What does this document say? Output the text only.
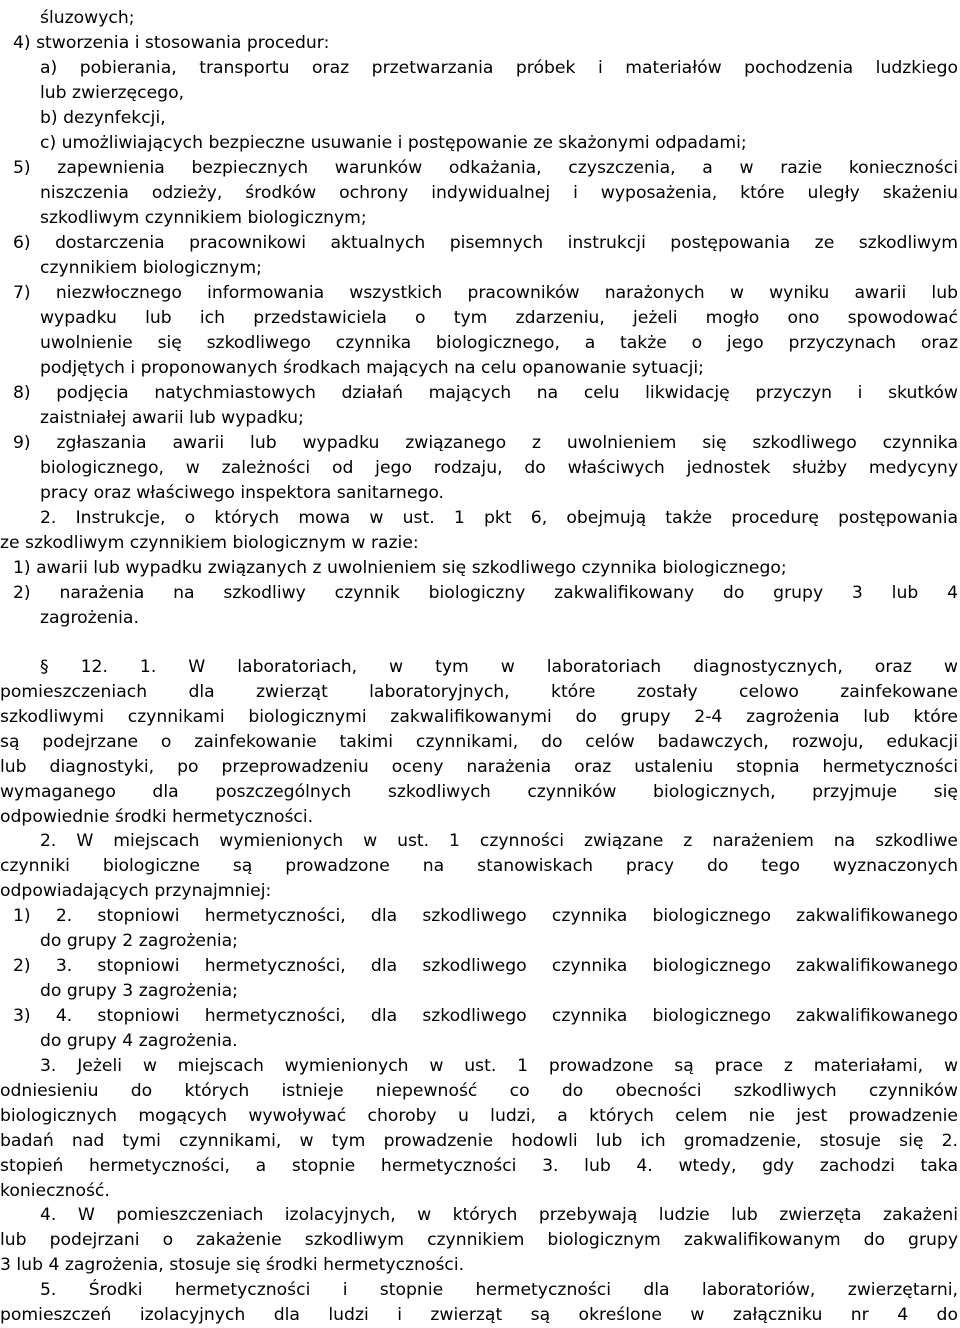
śluzowych;
4) stworzenia i stosowania procedur:
a) pobierania, transportu oraz przetwarzania próbek i materiałów pochodzenia ludzkiego
lub zwierzęcego,
b) dezynfekcji,
c) umożliwiających bezpieczne usuwanie i postępowanie ze skażonymi odpadami;
5) zapewnienia bezpiecznych warunków odkażania, czyszczenia, a w razie konieczności
niszczenia odzieży, środków ochrony indywidualnej i wyposażenia, które uległy skażeniu
szkodliwym czynnikiem biologicznym;
6) dostarczenia pracownikowi aktualnych pisemnych instrukcji postępowania ze szkodliwym
czynnikiem biologicznym;
7) niezwłocznego informowania wszystkich pracowników narażonych w wyniku awarii lub
wypadku lub ich przedstawiciela o tym zdarzeniu, jeżeli mogło ono spowodować
uwolnienie się szkodliwego czynnika biologicznego, a także o jego przyczynach oraz
podjętych i proponowanych środkach mających na celu opanowanie sytuacji;
8) podjęcia natychmiastowych działań mających na celu likwidację przyczyn i skutków
zaistniałej awarii lub wypadku;
9) zgłaszania awarii lub wypadku związanego z uwolnieniem się szkodliwego czynnika
biologicznego, w zależności od jego rodzaju, do właściwych jednostek służby medycyny
pracy oraz właściwego inspektora sanitarnego.
2. Instrukcje, o których mowa w ust. 1 pkt 6, obejmują także procedurę postępowania
ze szkodliwym czynnikiem biologicznym w razie:
1) awarii lub wypadku związanych z uwolnieniem się szkodliwego czynnika biologicznego;
2) narażenia na szkodliwy czynnik biologiczny zakwalifikowany do grupy 3 lub 4
zagrożenia.
§ 12. 1. W laboratoriach, w tym w laboratoriach diagnostycznych, oraz w
pomieszczeniach dla zwierząt laboratoryjnych, które zostały celowo zainfekowane
szkodliwymi czynnikami biologicznymi zakwalifikowanymi do grupy 2-4 zagrożenia lub które
są podejrzane o zainfekowanie takimi czynnikami, do celów badawczych, rozwoju, edukacji
lub diagnostyki, po przeprowadzeniu oceny narażenia oraz ustaleniu stopnia hermetyczności
wymaganego dla poszczególnych szkodliwych czynników biologicznych, przyjmuje się
odpowiednie środki hermetyczności.
2. W miejscach wymienionych w ust. 1 czynności związane z narażeniem na szkodliwe
czynniki biologiczne są prowadzone na stanowiskach pracy do tego wyznaczonych
odpowiadających przynajmniej:
1) 2. stopniowi hermetyczności, dla szkodliwego czynnika biologicznego zakwalifikowanego
do grupy 2 zagrożenia;
2) 3. stopniowi hermetyczności, dla szkodliwego czynnika biologicznego zakwalifikowanego
do grupy 3 zagrożenia;
3) 4. stopniowi hermetyczności, dla szkodliwego czynnika biologicznego zakwalifikowanego
do grupy 4 zagrożenia.
3. Jeżeli w miejscach wymienionych w ust. 1 prowadzone są prace z materiałami, w
odniesieniu do których istnieje niepewność co do obecności szkodliwych czynników
biologicznych mogących wywoływać choroby u ludzi, a których celem nie jest prowadzenie
badań nad tymi czynnikami, w tym prowadzenie hodowli lub ich gromadzenie, stosuje się 2.
stopień hermetyczności, a stopnie hermetyczności 3. lub 4. wtedy, gdy zachodzi taka
konieczność.
4. W pomieszczeniach izolacyjnych, w których przebywają ludzie lub zwierzęta zakażeni
lub podejrzani o zakażenie szkodliwym czynnikiem biologicznym zakwalifikowanym do grupy
3 lub 4 zagrożenia, stosuje się środki hermetyczności.
5. Środki hermetyczności i stopnie hermetyczności dla laboratoriów, zwierzętarni,
pomieszczeń izolacyjnych dla ludzi i zwierząt są określone w załączniku nr 4 do
